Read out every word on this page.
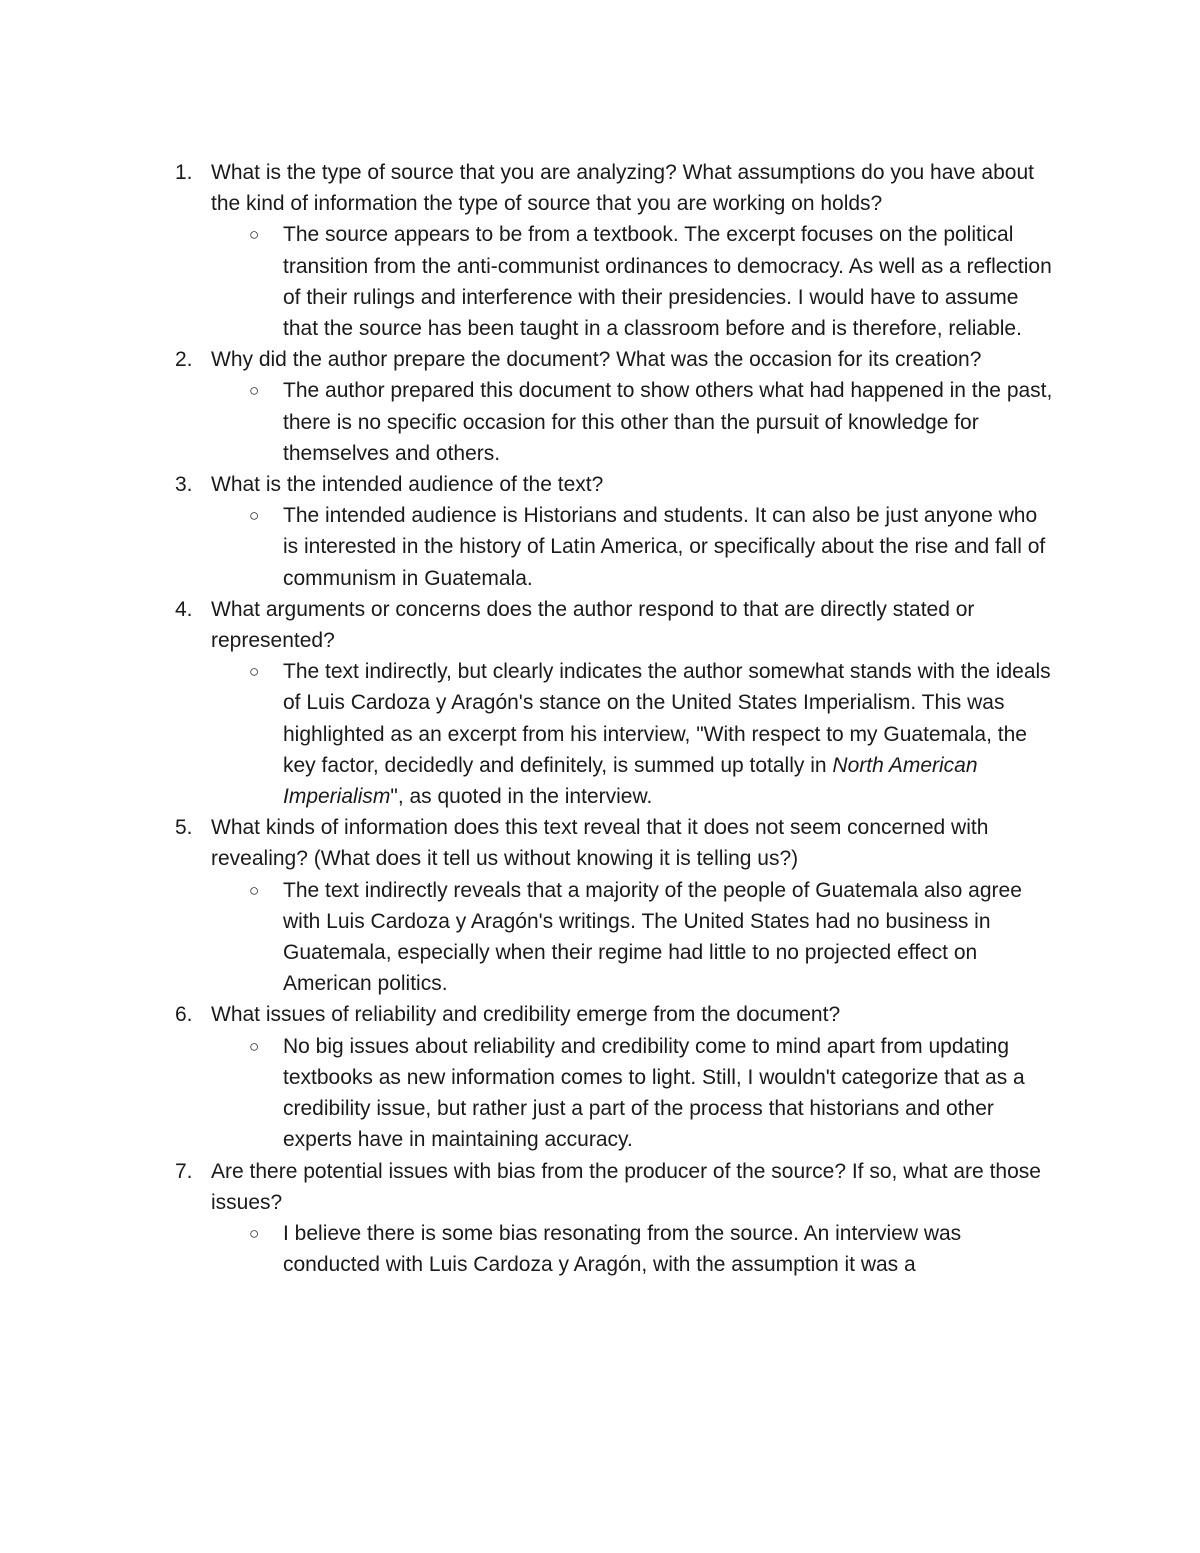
1. What is the type of source that you are analyzing? What assumptions do you have about the kind of information the type of source that you are working on holds?
○ The source appears to be from a textbook. The excerpt focuses on the political transition from the anti-communist ordinances to democracy. As well as a reflection of their rulings and interference with their presidencies. I would have to assume that the source has been taught in a classroom before and is therefore, reliable.
2. Why did the author prepare the document? What was the occasion for its creation?
○ The author prepared this document to show others what had happened in the past, there is no specific occasion for this other than the pursuit of knowledge for themselves and others.
3. What is the intended audience of the text?
○ The intended audience is Historians and students. It can also be just anyone who is interested in the history of Latin America, or specifically about the rise and fall of communism in Guatemala.
4. What arguments or concerns does the author respond to that are directly stated or represented?
○ The text indirectly, but clearly indicates the author somewhat stands with the ideals of Luis Cardoza y Aragón's stance on the United States Imperialism. This was highlighted as an excerpt from his interview, "With respect to my Guatemala, the key factor, decidedly and definitely, is summed up totally in North American Imperialism", as quoted in the interview.
5. What kinds of information does this text reveal that it does not seem concerned with revealing? (What does it tell us without knowing it is telling us?)
○ The text indirectly reveals that a majority of the people of Guatemala also agree with Luis Cardoza y Aragón's writings. The United States had no business in Guatemala, especially when their regime had little to no projected effect on American politics.
6. What issues of reliability and credibility emerge from the document?
○ No big issues about reliability and credibility come to mind apart from updating textbooks as new information comes to light. Still, I wouldn't categorize that as a credibility issue, but rather just a part of the process that historians and other experts have in maintaining accuracy.
7. Are there potential issues with bias from the producer of the source? If so, what are those issues?
○ I believe there is some bias resonating from the source. An interview was conducted with Luis Cardoza y Aragón, with the assumption it was a
